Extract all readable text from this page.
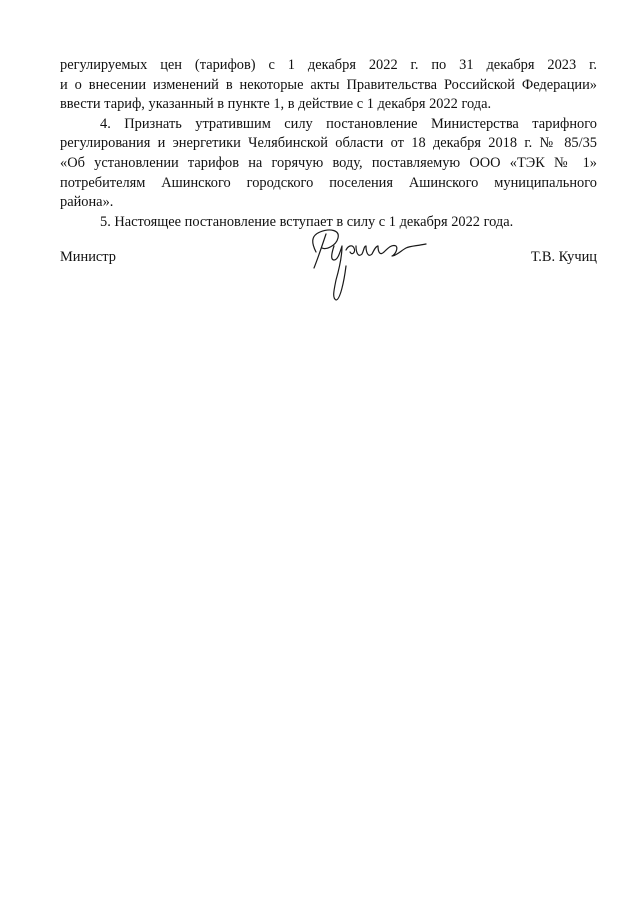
регулируемых цен (тарифов) с 1 декабря 2022 г. по 31 декабря 2023 г.
и о внесении изменений в некоторые акты Правительства Российской Федерации»
ввести тариф, указанный в пункте 1, в действие с 1 декабря 2022 года.

4. Признать утратившим силу постановление Министерства тарифного
регулирования и энергетики Челябинской области от 18 декабря 2018 г. № 85/35
«Об установлении тарифов на горячую воду, поставляемую ООО «ТЭК № 1»
потребителям Ашинского городского поселения Ашинского муниципального
района».

5. Настоящее постановление вступает в силу с 1 декабря 2022 года.

Министр	Т.В. Кучиц
